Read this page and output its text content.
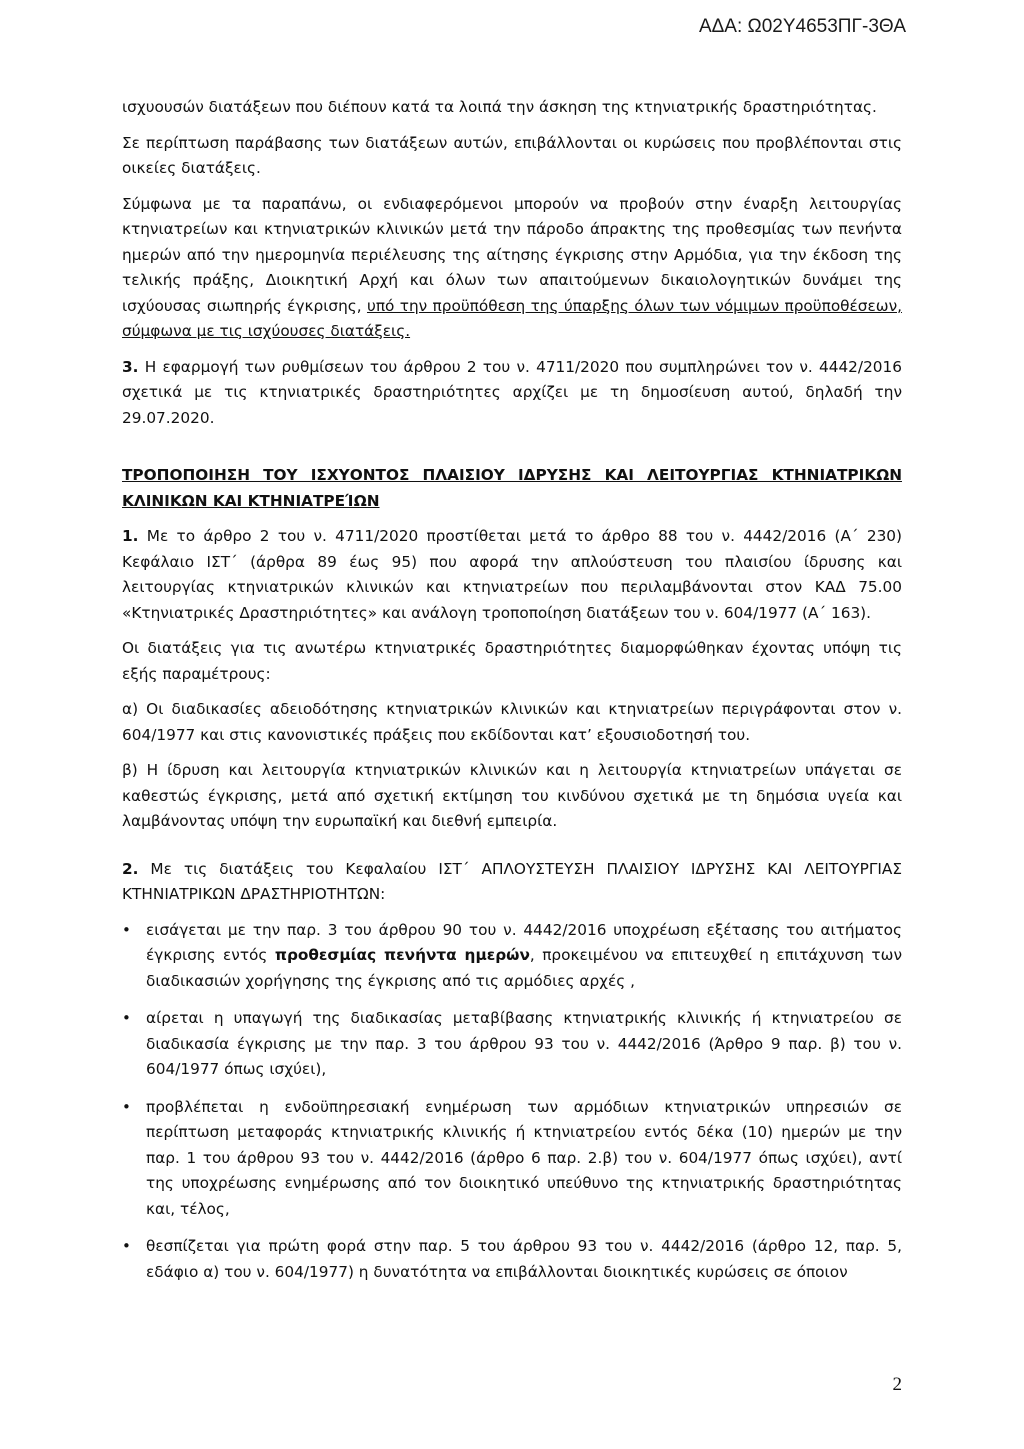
ΑΔΑ: Ω02Υ4653ΠΓ-3ΘΑ

ισχυουσών διατάξεων που διέπουν κατά τα λοιπά την άσκηση της κτηνιατρικής δραστηριότητας.

Σε περίπτωση παράβασης των διατάξεων αυτών, επιβάλλονται οι κυρώσεις που προβλέπονται στις οικείες διατάξεις.

Σύμφωνα με τα παραπάνω, οι ενδιαφερόμενοι μπορούν να προβούν στην έναρξη λειτουργίας κτηνιατρείων και κτηνιατρικών κλινικών μετά την πάροδο άπρακτης της προθεσμίας των πενήντα ημερών από την ημερομηνία περιέλευσης της αίτησης έγκρισης στην Αρμόδια, για την έκδοση της τελικής πράξης, Διοικητική Αρχή και όλων των απαιτούμενων δικαιολογητικών δυνάμει της ισχύουσας σιωπηρής έγκρισης, υπό την προϋπόθεση της ύπαρξης όλων των νόμιμων προϋποθέσεων, σύμφωνα με τις ισχύουσες διατάξεις.

3. Η εφαρμογή των ρυθμίσεων του άρθρου 2 του ν. 4711/2020 που συμπληρώνει τον ν. 4442/2016 σχετικά με τις κτηνιατρικές δραστηριότητες αρχίζει με τη δημοσίευση αυτού, δηλαδή την 29.07.2020.

ΤΡΟΠΟΠΟΙΗΣΗ ΤΟΥ ΙΣΧΥΟΝΤΟΣ ΠΛΑΙΣΙΟΥ ΙΔΡΥΣΗΣ ΚΑΙ ΛΕΙΤΟΥΡΓΙΑΣ ΚΤΗΝΙΑΤΡΙΚΩΝ ΚΛΙΝΙΚΩΝ ΚΑΙ ΚΤΗΝΙΑΤΡΕΊΩΝ

1. Με το άρθρο 2 του ν. 4711/2020 προστίθεται μετά το άρθρο 88 του ν. 4442/2016 (Α΄ 230) Κεφάλαιο ΙΣΤ΄ (άρθρα 89 έως 95) που αφορά την απλούστευση του πλαισίου ίδρυσης και λειτουργίας κτηνιατρικών κλινικών και κτηνιατρείων που περιλαμβάνονται στον ΚΑΔ 75.00 «Κτηνιατρικές Δραστηριότητες» και ανάλογη τροποποίηση διατάξεων του ν. 604/1977 (Α΄ 163).

Οι διατάξεις για τις ανωτέρω κτηνιατρικές δραστηριότητες διαμορφώθηκαν έχοντας υπόψη τις εξής παραμέτρους:

α) Οι διαδικασίες αδειοδότησης κτηνιατρικών κλινικών και κτηνιατρείων περιγράφονται στον ν. 604/1977 και στις κανονιστικές πράξεις που εκδίδονται κατ’ εξουσιοδοτησή του.

β) Η ίδρυση και λειτουργία κτηνιατρικών κλινικών και η λειτουργία κτηνιατρείων υπάγεται σε καθεστώς έγκρισης, μετά από σχετική εκτίμηση του κινδύνου σχετικά με τη δημόσια υγεία και λαμβάνοντας υπόψη την ευρωπαϊκή και διεθνή εμπειρία.

2. Με τις διατάξεις του Κεφαλαίου ΙΣΤ΄ ΑΠΛΟΥΣΤΕΥΣΗ ΠΛΑΙΣΙΟΥ ΙΔΡΥΣΗΣ ΚΑΙ ΛΕΙΤΟΥΡΓΙΑΣ ΚΤΗΝΙΑΤΡΙΚΩΝ ΔΡΑΣΤΗΡΙΟΤΗΤΩΝ:

• εισάγεται με την παρ. 3 του άρθρου 90 του ν. 4442/2016 υποχρέωση εξέτασης του αιτήματος έγκρισης εντός προθεσμίας πενήντα ημερών, προκειμένου να επιτευχθεί η επιτάχυνση των διαδικασιών χορήγησης της έγκρισης από τις αρμόδιες αρχές ,
• αίρεται η υπαγωγή της διαδικασίας μεταβίβασης κτηνιατρικής κλινικής ή κτηνιατρείου σε διαδικασία έγκρισης με την παρ. 3 του άρθρου 93 του ν. 4442/2016 (Άρθρο 9 παρ. β) του ν. 604/1977 όπως ισχύει),
• προβλέπεται η ενδοϋπηρεσιακή ενημέρωση των αρμόδιων κτηνιατρικών υπηρεσιών σε περίπτωση μεταφοράς κτηνιατρικής κλινικής ή κτηνιατρείου εντός δέκα (10) ημερών με την παρ. 1 του άρθρου 93 του ν. 4442/2016 (άρθρο 6 παρ. 2.β) του ν. 604/1977 όπως ισχύει), αντί της υποχρέωσης ενημέρωσης από τον διοικητικό υπεύθυνο της κτηνιατρικής δραστηριότητας και, τέλος,
• θεσπίζεται για πρώτη φορά στην παρ. 5 του άρθρου 93 του ν. 4442/2016 (άρθρο 12, παρ. 5, εδάφιο α) του ν. 604/1977) η δυνατότητα να επιβάλλονται διοικητικές κυρώσεις σε όποιον
2
